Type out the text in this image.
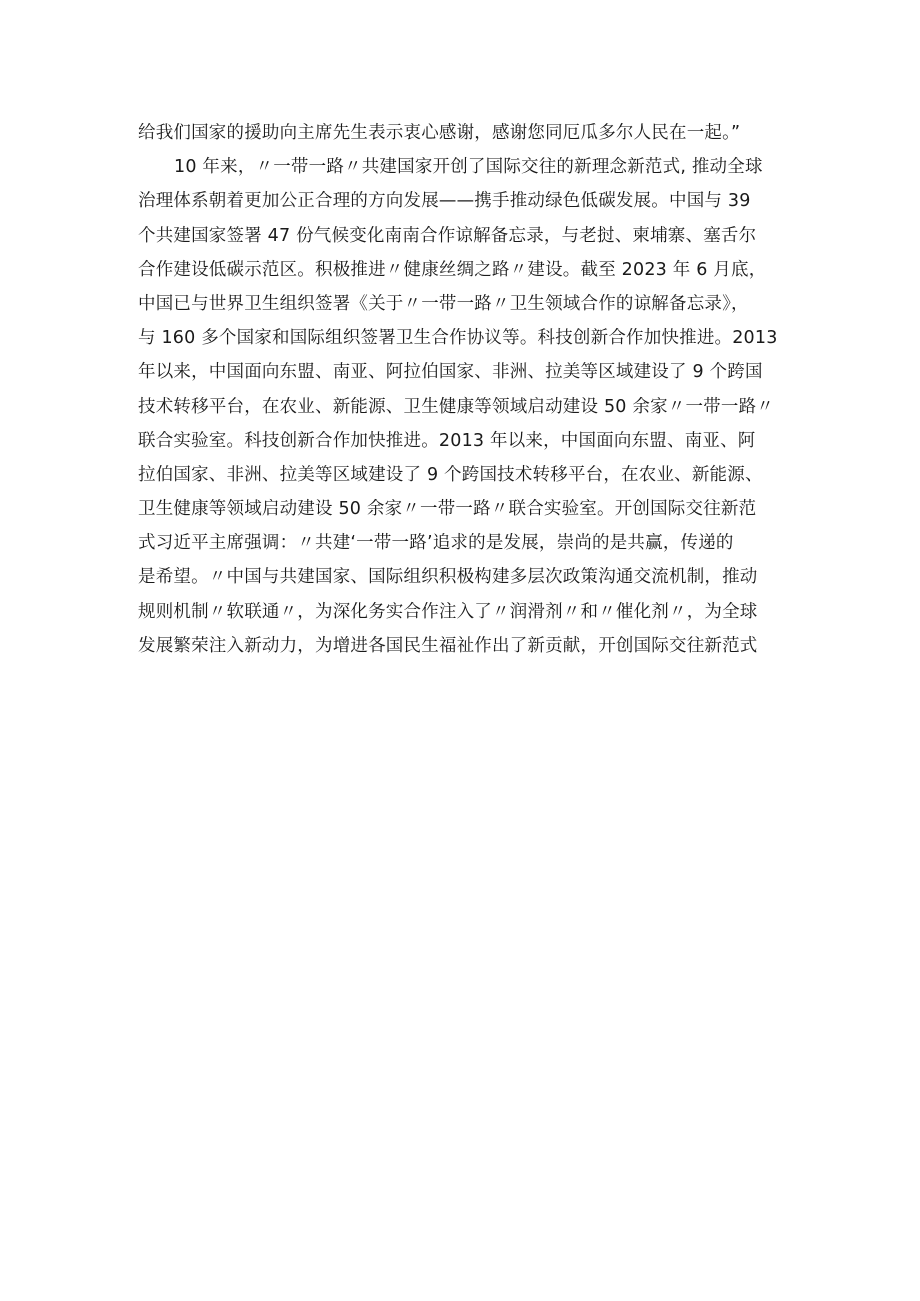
给我们国家的援助向主席先生表示衷心感谢，感谢您同厄瓜多尔人民在一起。”
10 年来，〃一带一路〃共建国家开创了国际交往的新理念新范式, 推动全球
治理体系朝着更加公正合理的方向发展——携手推动绿色低碳发展。中国与 39
个共建国家签署 47 份气候变化南南合作谅解备忘录，与老挝、柬埔寨、塞舌尔
合作建设低碳示范区。积极推进〃健康丝绸之路〃建设。截至 2023 年 6 月底，
中国已与世界卫生组织签署《关于〃一带一路〃卫生领域合作的谅解备忘录》，
与 160 多个国家和国际组织签署卫生合作协议等。科技创新合作加快推进。2013
年以来，中国面向东盟、南亚、阿拉伯国家、非洲、拉美等区域建设了 9 个跨国
技术转移平台，在农业、新能源、卫生健康等领域启动建设 50 余家〃一带一路〃
联合实验室。科技创新合作加快推进。2013 年以来，中国面向东盟、南亚、阿
拉伯国家、非洲、拉美等区域建设了 9 个跨国技术转移平台，在农业、新能源、
卫生健康等领域启动建设 50 余家〃一带一路〃联合实验室。开创国际交往新范
式习近平主席强调：〃共建‘一带一路’追求的是发展，崇尚的是共赢，传递的
是希望。〃中国与共建国家、国际组织积极构建多层次政策沟通交流机制，推动
规则机制〃软联通〃，为深化务实合作注入了〃润滑剂〃和〃催化剂〃，为全球
发展繁荣注入新动力，为增进各国民生福祉作出了新贡献，开创国际交往新范式
